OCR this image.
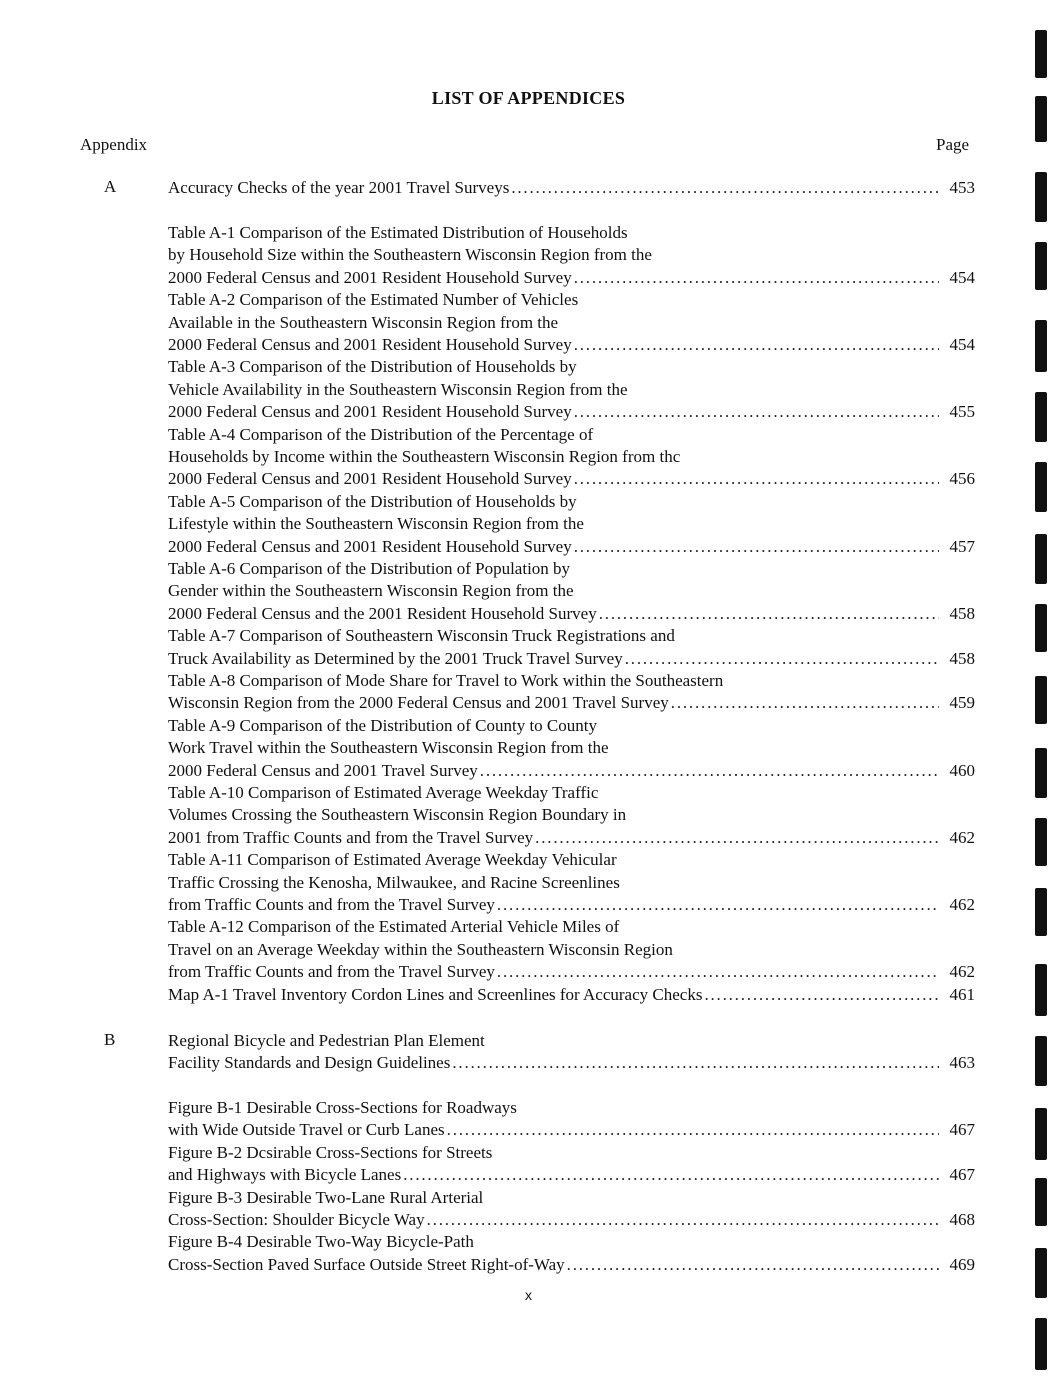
LIST OF APPENDICES
Appendix	Page
A	Accuracy Checks of the year 2001 Travel Surveys .....	453
Table A-1 Comparison of the Estimated Distribution of Households
by Household Size within the Southeastern Wisconsin Region from the
2000 Federal Census and 2001 Resident Household Survey .....	454
Table A-2 Comparison of the Estimated Number of Vehicles
Available in the Southeastern Wisconsin Region from the
2000 Federal Census and 2001 Resident Household Survey .....	454
Table A-3 Comparison of the Distribution of Households by
Vehicle Availability in the Southeastern Wisconsin Region from the
2000 Federal Census and 2001 Resident Household Survey .....	455
Table A-4 Comparison of the Distribution of the Percentage of
Households by Income within the Southeastern Wisconsin Region from thc
2000 Federal Census and 2001 Resident Household Survey .....	456
Table A-5 Comparison of the Distribution of Households by
Lifestyle within the Southeastern Wisconsin Region from the
2000 Federal Census and 2001 Resident Household Survey .....	457
Table A-6 Comparison of the Distribution of Population by
Gender within the Southeastern Wisconsin Region from the
2000 Federal Census and the 2001 Resident Household Survey .....	458
Table A-7 Comparison of Southeastern Wisconsin Truck Registrations and
Truck Availability as Determined by the 2001 Truck Travel Survey .....	458
Table A-8 Comparison of Mode Share for Travel to Work within the Southeastern
Wisconsin Region from the 2000 Federal Census and 2001 Travel Survey .....	459
Table A-9 Comparison of the Distribution of County to County
Work Travel within the Southeastern Wisconsin Region from the
2000 Federal Census and 2001 Travel Survey .....	460
Table A-10 Comparison of Estimated Average Weekday Traffic
Volumes Crossing the Southeastern Wisconsin Region Boundary in
2001 from Traffic Counts and from the Travel Survey .....	462
Table A-11 Comparison of Estimated Average Weekday Vehicular
Traffic Crossing the Kenosha, Milwaukee, and Racine Screenlines
from Traffic Counts and from the Travel Survey .....	462
Table A-12 Comparison of the Estimated Arterial Vehicle Miles of
Travel on an Average Weekday within the Southeastern Wisconsin Region
from Traffic Counts and from the Travel Survey .....	462
Map A-1 Travel Inventory Cordon Lines and Screenlines for Accuracy Checks .....	461
B	Regional Bicycle and Pedestrian Plan Element
Facility Standards and Design Guidelines .....	463
Figure B-1 Desirable Cross-Sections for Roadways
with Wide Outside Travel or Curb Lanes .....	467
Figure B-2 Dcsirable Cross-Sections for Streets
and Highways with Bicycle Lanes .....	467
Figure B-3 Desirable Two-Lane Rural Arterial
Cross-Section: Shoulder Bicycle Way .....	468
Figure B-4 Desirable Two-Way Bicycle-Path
Cross-Section Paved Surface Outside Street Right-of-Way .....	469
x
